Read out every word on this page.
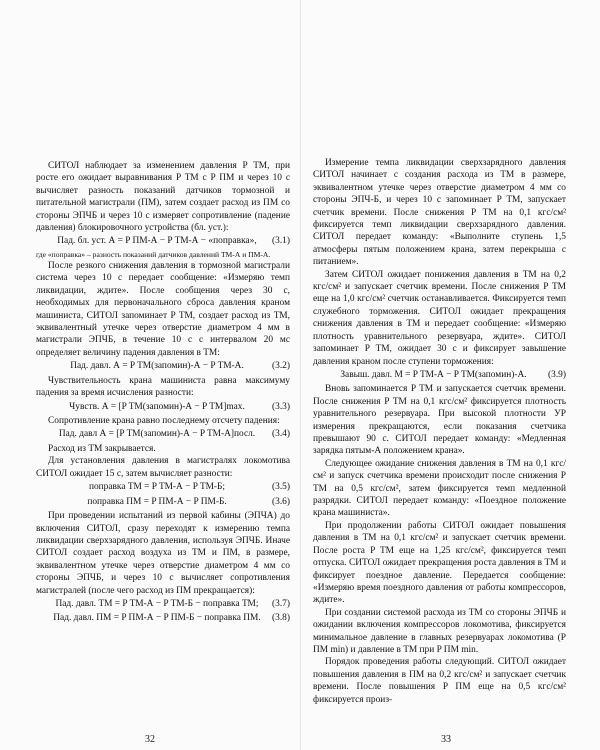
СИТОЛ наблюдает за изменением давления P ТМ, при росте его ожидает выравнивания P ТМ с P ПМ и через 10 с вычисляет разность показаний датчиков тормозной и питательной магистрали (ПМ), затем создает расход из ПМ со стороны ЭПЧБ и через 10 с измеряет сопротивление (падение давления) блокировочного устройства (бл. уст.):

Пад. бл. уст. А = P ПМ-А − P ТМ-А − «поправка»,	(3.1)
где «поправка» – разность показаний датчиков давлений ТМ-А и ПМ-А.

После резкого снижения давления в тормозной магистрали система через 10 с передает сообщение: «Измеряю темп ликвидации, ждите». После сообщения через 30 с, необходимых для первоначального сброса давления краном машиниста, СИТОЛ запоминает P ТМ, создает расход из ТМ, эквивалентный утечке через отверстие диаметром 4 мм в магистрали ЭПЧБ, в течение 10 с с интервалом 20 мс определяет величину падения давления в ТМ:

Пад. давл. А = P ТМ(запомин)-А − P ТМ-А.	(3.2)

Чувствительность крана машиниста равна максимуму падения за время исчисления разности:

Чувств. А = [P ТМ(запомин)-А − P ТМ]max.	(3.3)

Сопротивление крана равно последнему отсчету падения:

Пад. давл А = [P ТМ(запомин)-А − P ТМ-А]посл.	(3.4)

Расход из ТМ закрывается.

Для установления давления в магистралях локомотива СИТОЛ ожидает 15 с, затем вычисляет разности:

поправка ТМ = P ТМ-А − P ТМ-Б;	(3.5)
поправка ПМ = P ПМ-А − P ПМ-Б.	(3.6)

При проведении испытаний из первой кабины (ЭПЧА) до включения СИТОЛ, сразу переходят к измерению темпа ликвидации сверхзарядного давления, используя ЭПЧБ. Иначе СИТОЛ создает расход воздуха из ТМ и ПМ, в размере, эквивалентном утечке через отверстие диаметром 4 мм со стороны ЭПЧБ, и через 10 с вычисляет сопротивления магистралей (после чего расход из ПМ прекращается):

Пад. давл. ТМ = P ТМ-А − P ТМ-Б − поправка ТМ;	(3.7)
Пад. давл. ПМ = P ПМ-А − P ПМ-Б − поправка ПМ.	(3.8)
32

Измерение темпа ликвидации сверхзарядного давления СИТОЛ начинает с создания расхода из ТМ в размере, эквивалентном утечке через отверстие диаметром 4 мм со стороны ЭПЧ-Б, и через 10 с запоминает P ТМ, запускает счетчик времени. После снижения P ТМ на 0,1 кгс/см² фиксируется темп ликвидации сверхзарядного давления. СИТОЛ передает команду: «Выполните ступень 1,5 атмосферы пятым положением крана, затем перекрыша с питанием».

Затем СИТОЛ ожидает понижения давления в ТМ на 0,2 кгс/см² и запускает счетчик времени. После снижения P ТМ еще на 1,0 кгс/см² счетчик останавливается. Фиксируется темп служебного торможения. СИТОЛ ожидает прекращения снижения давления в ТМ и передает сообщение: «Измеряю плотность уравнительного резервуара, ждите». СИТОЛ запоминает P ТМ, ожидает 30 с и фиксирует завышение давления краном после ступени торможения:

Завыш. давл. М = P ТМ-А − P ТМ(запомин)-А.	(3.9)

Вновь запоминается P ТМ и запускается счетчик времени. После снижения P ТМ на 0,1 кгс/см² фиксируется плотность уравнительного резервуара. При высокой плотности УР измерения прекращаются, если показания счетчика превышают 90 с. СИТОЛ передает команду: «Медленная зарядка пятым-А положением крана».

Следующее ожидание снижения давления в ТМ на 0,1 кгс/см² и запуск счетчика времени происходит после снижения P ТМ на 0,5 кгс/см², затем фиксируется темп медленной разрядки. СИТОЛ передает команду: «Поездное положение крана машиниста».

При продолжении работы СИТОЛ ожидает повышения давления в ТМ на 0,1 кгс/см² и запускает счетчик времени. После роста P ТМ еще на 1,25 кгс/см², фиксируется темп отпуска. СИТОЛ ожидает прекращения роста давления в ТМ и фиксирует поездное давление. Передается сообщение: «Измеряю время поездного давления от работы компрессоров, ждите».

При создании системой расхода из ТМ со стороны ЭПЧБ и ожидании включения компрессоров локомотива, фиксируется минимальное давление в главных резервуарах локомотива (P ПМ min) и давление в ТМ при P ПМ min.

Порядок проведения работы следующий. СИТОЛ ожидает повышения давления в ПМ на 0,2 кгс/см² и запускает счетчик времени. После повышения P ПМ еще на 0,5 кгс/см² фиксируется произ-

33
